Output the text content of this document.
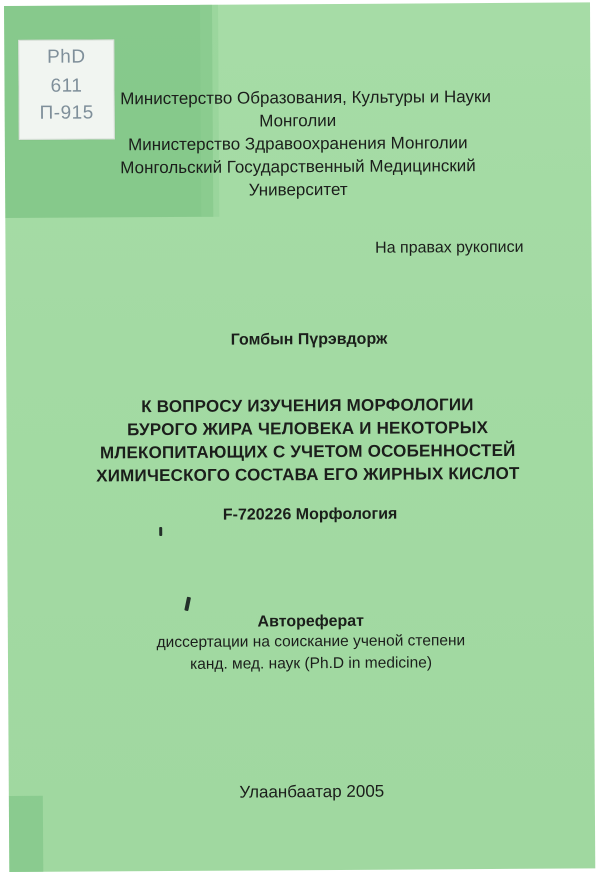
PhD
611
П-915
Министерство Образования, Культуры и Науки
Монголии
Министерство Здравоохранения Монголии
Монгольский Государственный Медицинский
Университет
На правах рукописи
Гомбын Пүрэвдорж
К ВОПРОСУ ИЗУЧЕНИЯ МОРФОЛОГИИ
БУРОГО ЖИРА ЧЕЛОВЕКА И НЕКОТОРЫХ
МЛЕКОПИТАЮЩИХ С УЧЕТОМ ОСОБЕННОСТЕЙ
ХИМИЧЕСКОГО СОСТАВА ЕГО ЖИРНЫХ КИСЛОТ
F-720226 Морфология
Автореферат
диссертации на соискание ученой степени
канд. мед. наук (Ph.D in medicine)
Улаанбаатар 2005
